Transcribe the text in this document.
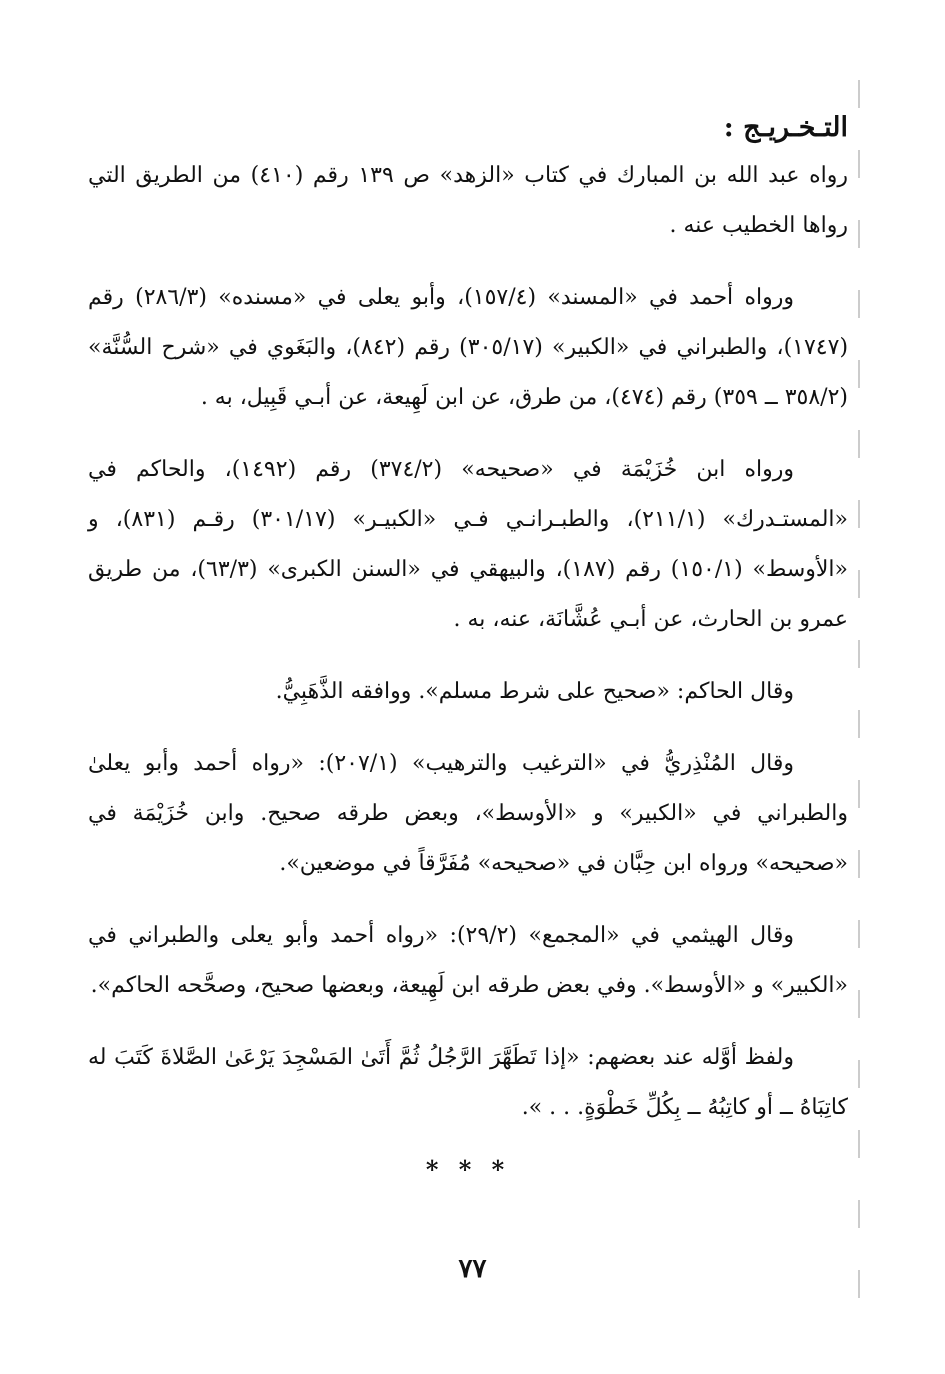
التـخـريـج :

رواه عبد الله بن المبارك في كتاب «الزهد» ص ١٣٩ رقم (٤١٠) من الطريق التي رواها الخطيب عنه .

ورواه أحمد في «المسند» (١٥٧/٤)، وأبو يعلى في «مسنده» (٢٨٦/٣) رقم (١٧٤٧)، والطبراني في «الكبير» (٣٠٥/١٧) رقم (٨٤٢)، والبَغَوي في «شرح السُّنَّة» (٣٥٨/٢ ــ ٣٥٩) رقم (٤٧٤)، من طرق، عن ابن لَهِيعة، عن أبـي قَبِيل، به .

ورواه ابن خُزَيْمَة في «صحيحه» (٣٧٤/٢) رقم (١٤٩٢)، والحاكم في «المستـدرك» (٢١١/١)، والطبـرانـي فـي «الكبيـر» (٣٠١/١٧) رقـم (٨٣١)، و «الأوسط» (١٥٠/١) رقم (١٨٧)، والبيهقي في «السنن الكبرى» (٦٣/٣)، من طريق عمرو بن الحارث، عن أبـي عُشَّانَة، عنه، به .

وقال الحاكم: «صحيح على شرط مسلم». ووافقه الذَّهَبِيُّ.

وقال المُنْذِريُّ في «الترغيب والترهيب» (٢٠٧/١): «رواه أحمد وأبو يعلىٰ والطبراني في «الكبير» و «الأوسط»، وبعض طرقه صحيح. وابن خُزَيْمَة في «صحيحه» ورواه ابن حِبَّان في «صحيحه» مُفَرَّقاً في موضعين».

وقال الهيثمي في «المجمع» (٢٩/٢): «رواه أحمد وأبو يعلى والطبراني في «الكبير» و «الأوسط». وفي بعض طرقه ابن لَهِيعة، وبعضها صحيح، وصحَّحه الحاكم».

ولفظ أوَّله عند بعضهم: «إذا تَطَهَّرَ الرَّجُلُ ثُمَّ أَتَىٰ المَسْجِدَ يَرْعَىٰ الصَّلاةَ كَتَبَ له كاتِبَاهُ ــ أو كاتِبُهُ ــ بِكُلِّ خَطْوَةٍ. . . ».

* * *
٧٧
